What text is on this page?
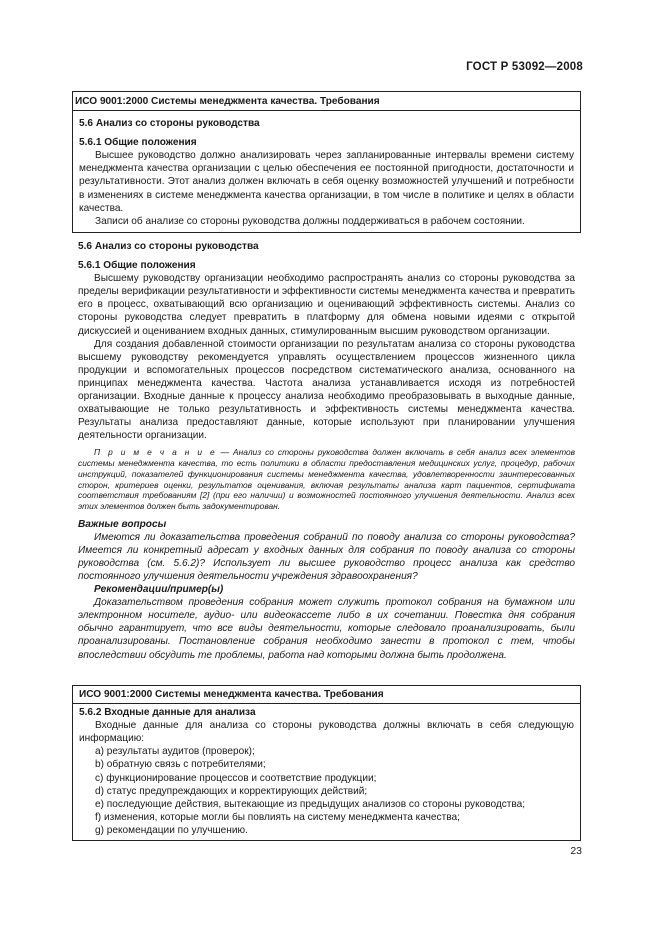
ГОСТ Р 53092—2008

ИСО 9001:2000 Системы менеджмента качества. Требования

5.6 Анализ со стороны руководства

5.6.1 Общие положения

Высшее руководство должно анализировать через запланированные интервалы времени систему менеджмента качества организации с целью обеспечения ее постоянной пригодности, достаточности и результативности. Этот анализ должен включать в себя оценку возможностей улучшений и потребности в изменениях в системе менеджмента качества организации, в том числе в политике и целях в области качества.

Записи об анализе со стороны руководства должны поддерживаться в рабочем состоянии.

5.6 Анализ со стороны руководства

5.6.1 Общие положения

Высшему руководству организации необходимо распространять анализ со стороны руководства за пределы верификации результативности и эффективности системы менеджмента качества и превратить его в процесс, охватывающий всю организацию и оценивающий эффективность системы. Анализ со стороны руководства следует превратить в платформу для обмена новыми идеями с открытой дискуссией и оцениванием входных данных, стимулированным высшим руководством организации.

Для создания добавленной стоимости организации по результатам анализа со стороны руководства высшему руководству рекомендуется управлять осуществлением процессов жизненного цикла продукции и вспомогательных процессов посредством систематического анализа, основанного на принципах менеджмента качества. Частота анализа устанавливается исходя из потребностей организации. Входные данные к процессу анализа необходимо преобразовывать в выходные данные, охватывающие не только результативность и эффективность системы менеджмента качества. Результаты анализа предоставляют данные, которые используют при планировании улучшения деятельности организации.

П р и м е ч а н и е — Анализ со стороны руководства должен включать в себя анализ всех элементов системы менеджмента качества, то есть политики в области предоставления медицинских услуг, процедур, рабочих инструкций, показателей функционирования системы менеджмента качества, удовлетворенности заинтересованных сторон, критериев оценки, результатов оценивания, включая результаты анализа карт пациентов, сертификата соответствия требованиям [2] (при его наличии) и возможностей постоянного улучшения деятельности. Анализ всех этих элементов должен быть задокументирован.

Важные вопросы

Имеются ли доказательства проведения собраний по поводу анализа со стороны руководства? Имеется ли конкретный адресат у входных данных для собрания по поводу анализа со стороны руководства (см. 5.6.2)? Использует ли высшее руководство процесс анализа как средство постоянного улучшения деятельности учреждения здравоохранения?

Рекомендации/пример(ы)

Доказательством проведения собрания может служить протокол собрания на бумажном или электронном носителе, аудио- или видеокассете либо в их сочетании. Повестка дня собрания обычно гарантирует, что все виды деятельности, которые следовало проанализировать, были проанализированы. Постановление собрания необходимо занести в протокол с тем, чтобы впоследствии обсудить те проблемы, работа над которыми должна быть продолжена.

ИСО 9001:2000 Системы менеджмента качества. Требования

5.6.2 Входные данные для анализа

Входные данные для анализа со стороны руководства должны включать в себя следующую информацию:

а) результаты аудитов (проверок);
b) обратную связь с потребителями;
c) функционирование процессов и соответствие продукции;
d) статус предупреждающих и корректирующих действий;
е) последующие действия, вытекающие из предыдущих анализов со стороны руководства;
f) изменения, которые могли бы повлиять на систему менеджмента качества;
g) рекомендации по улучшению.
23
